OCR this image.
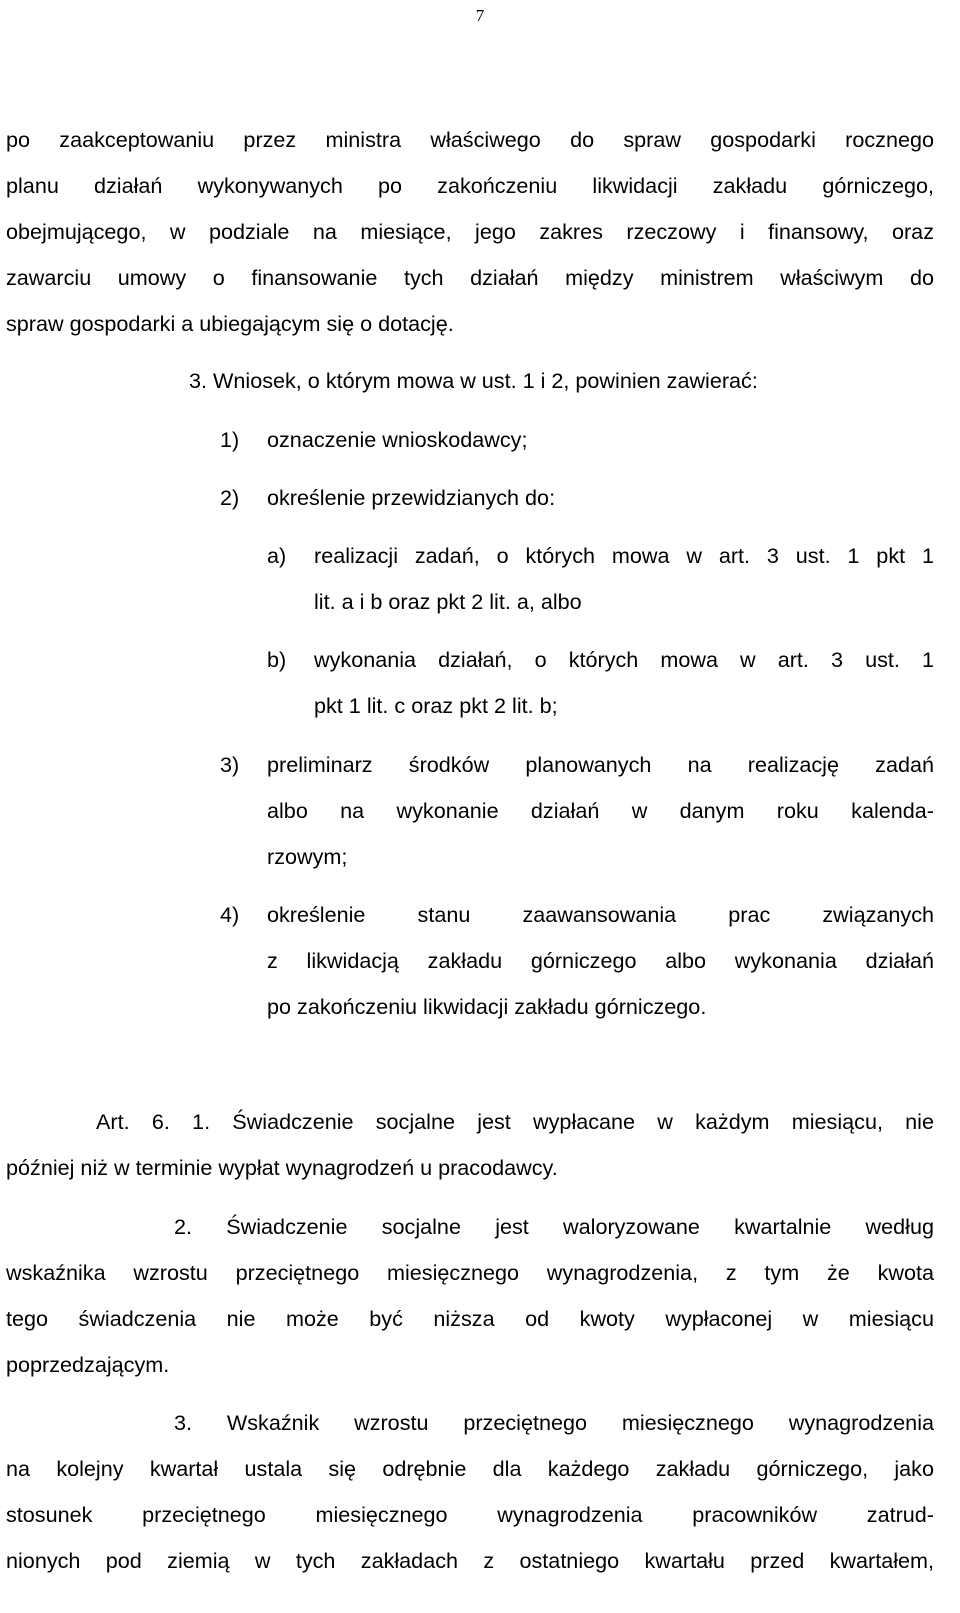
7
po zaakceptowaniu przez ministra właściwego do spraw gospodarki rocznego
planu działań wykonywanych po zakończeniu likwidacji zakładu górniczego,
obejmującego, w podziale na miesiące, jego zakres rzeczowy i finansowy, oraz
zawarciu umowy o finansowanie tych działań między ministrem właściwym do
spraw gospodarki a ubiegającym się o dotację.
3. Wniosek, o którym mowa w ust. 1 i 2, powinien zawierać:
1) oznaczenie wnioskodawcy;
2) określenie przewidzianych do:
a) realizacji zadań, o których mowa w art. 3 ust. 1 pkt 1
lit. a i b oraz pkt 2 lit. a, albo
b) wykonania działań, o których mowa w art. 3 ust. 1
pkt 1 lit. c oraz pkt 2 lit. b;
3) preliminarz środków planowanych na realizację zadań
albo na wykonanie działań w danym roku kalenda-
rzowym;
4) określenie stanu zaawansowania prac związanych
z likwidacją zakładu górniczego albo wykonania działań
po zakończeniu likwidacji zakładu górniczego.
Art. 6. 1. Świadczenie socjalne jest wypłacane w każdym miesiącu, nie
później niż w terminie wypłat wynagrodzeń u pracodawcy.
2. Świadczenie socjalne jest waloryzowane kwartalnie według
wskaźnika wzrostu przeciętnego miesięcznego wynagrodzenia, z tym że kwota
tego świadczenia nie może być niższa od kwoty wypłaconej w miesiącu
poprzedzającym.
3. Wskaźnik wzrostu przeciętnego miesięcznego wynagrodzenia
na kolejny kwartał ustala się odrębnie dla każdego zakładu górniczego, jako
stosunek przeciętnego miesięcznego wynagrodzenia pracowników zatrud-
nionych pod ziemią w tych zakładach z ostatniego kwartału przed kwartałem,
